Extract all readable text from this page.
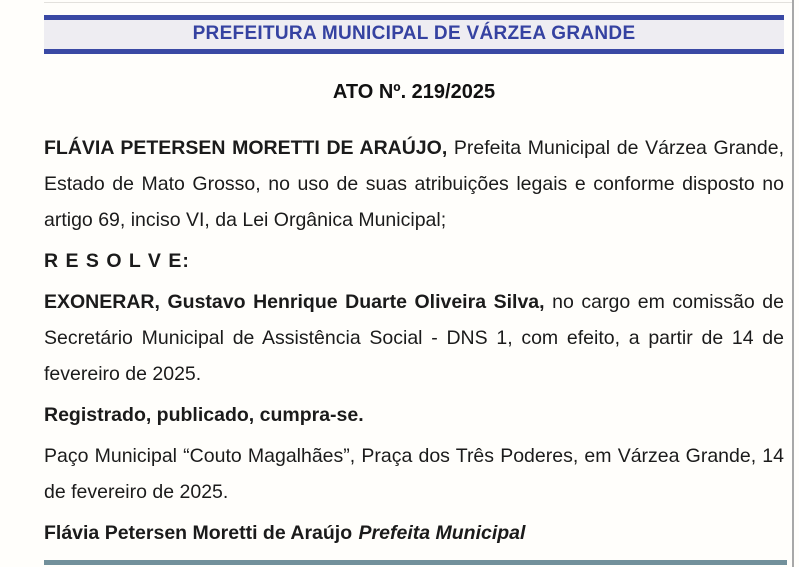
PREFEITURA MUNICIPAL DE VÁRZEA GRANDE
ATO Nº. 219/2025

FLÁVIA PETERSEN MORETTI DE ARAÚJO, Prefeita Municipal de Várzea Grande, Estado de Mato Grosso, no uso de suas atribuições legais e conforme disposto no artigo 69, inciso VI, da Lei Orgânica Municipal;

R E S O L V E:

EXONERAR, Gustavo Henrique Duarte Oliveira Silva, no cargo em comissão de Secretário Municipal de Assistência Social - DNS 1, com efeito, a partir de 14 de fevereiro de 2025.

Registrado, publicado, cumpra-se.

Paço Municipal “Couto Magalhães”, Praça dos Três Poderes, em Várzea Grande, 14 de fevereiro de 2025.

Flávia Petersen Moretti de Araújo Prefeita Municipal
